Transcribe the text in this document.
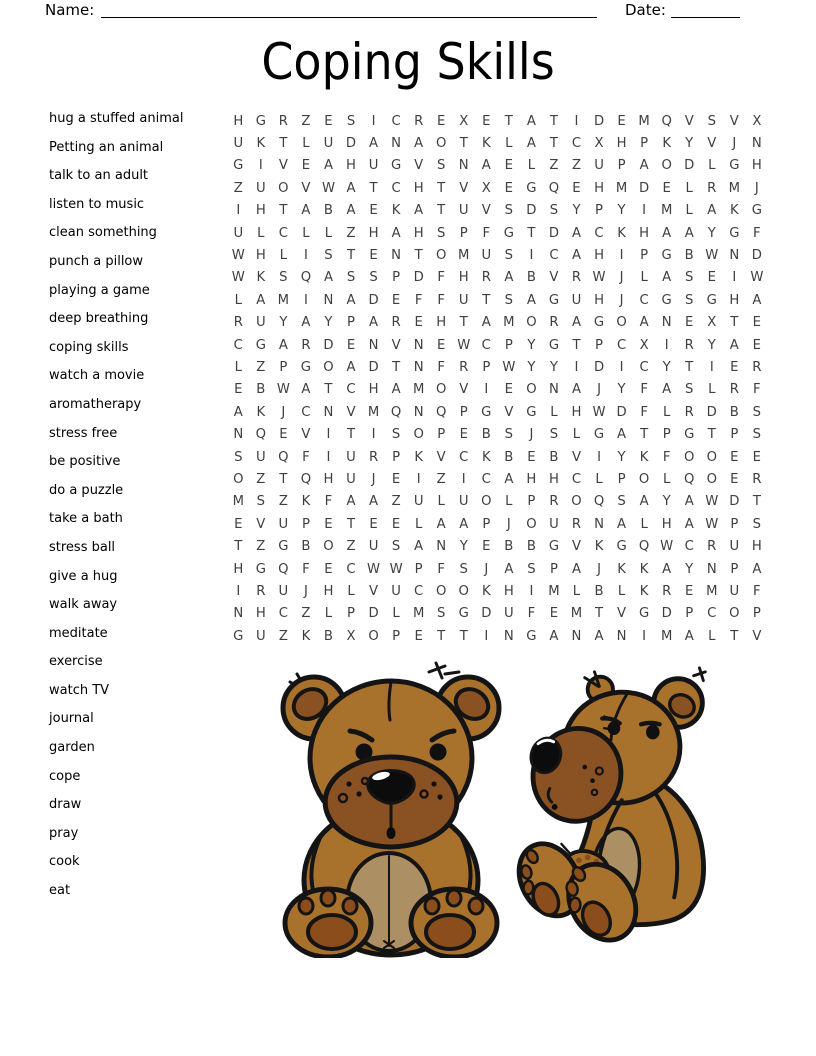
Name:	Date:
Coping Skills
hug a stuffed animal
Petting an animal
talk to an adult
listen to music
clean something
punch a pillow
playing a game
deep breathing
coping skills
watch a movie
aromatherapy
stress free
be positive
do a puzzle
take a bath
stress ball
give a hug
walk away
meditate
exercise
watch TV
journal
garden
cope
draw
pray
cook
eat
H G R	Z	E	S	I	C	R	E	X	E	T	A	T	I	D	E M Q V	S	V	X
U	K	T	L	U D A N A O	T	K	L	A	T	C	X H	P	K	Y	V	J	N
G	I	V	E	A H U G V	S	N A	E	L	Z	Z U	P	A O D	L	G H
Z U O V W A	T	C H	T	V	X	E	G Q E	H M D	E	L	R M	J
I	H	T	A	B	A	E	K	A	T	U	V	S	D	S	Y	P	Y	I	M L	A	K G
U	L	C	L	L	Z H A H	S	P	F	G	T	D A	C	K	H A	A	Y	G	F
W H	L	I	S	T	E	N	T	O M U	S	I	C	A H	I	P	G B W N D
W K	S Q A	S	S	P	D	F	H R	A	B	V	R W	J	L	A	S	E	I	W
L	A M	I	N A D	E	F	F	U	T	S	A G U H	J	C G	S	G H A
R U	Y	A	Y	P	A	R	E	H	T	A M O R	A G O A N	E	X	T	E
C G A	R D	E	N V N	E W C	P	Y	G	T	P	C	X	I	R	Y	A	E
L	Z	P	G O A D	T	N	F	R	P W Y	Y	I	D	I	C	Y	T	I	E	R
E	B W A	T	C H A M O V	I	E O N A	J	Y	F	A	S	L	R	F
A	K	J	C N V M Q N Q	P	G V G	L	H W D	F	L	R D B	S
N Q E	V	I	T	I	S O	P	E	B	S	J	S	L	G A	T	P	G	T	P	S
S	U Q	F	I	U R	P	K	V	C	K	B	E	B	V	I	Y	K	F	O O E	E
O Z	T	Q H U	J	E	I	Z	I	C	A H H C	L	P	O	L	Q O E	R
M S	Z	K	F	A	A	Z U	L	U O	L	P	R O Q S	A	Y	A W D	T
E	V	U	P	E	T	E	E	L	A	A	P	J	O U R N A	L	H A W P	S
T	Z G B O Z U	S	A N	Y	E	B	B G V	K G Q W C	R U H
H G Q	F	E	C W W P	F	S	J	A	S	P	A	J	K	K	A	Y	N	P	A
I	R U	J	H	L	V	U C O O K	H	I	M L	B	L	K	R	E M U	F
N H C	Z	L	P	D	L M S	G D U	F	E M T	V G D	P	C O	P
G U	Z	K	B	X O	P	E	T	T	I	N G A N A N	I	M A	L	T	V
